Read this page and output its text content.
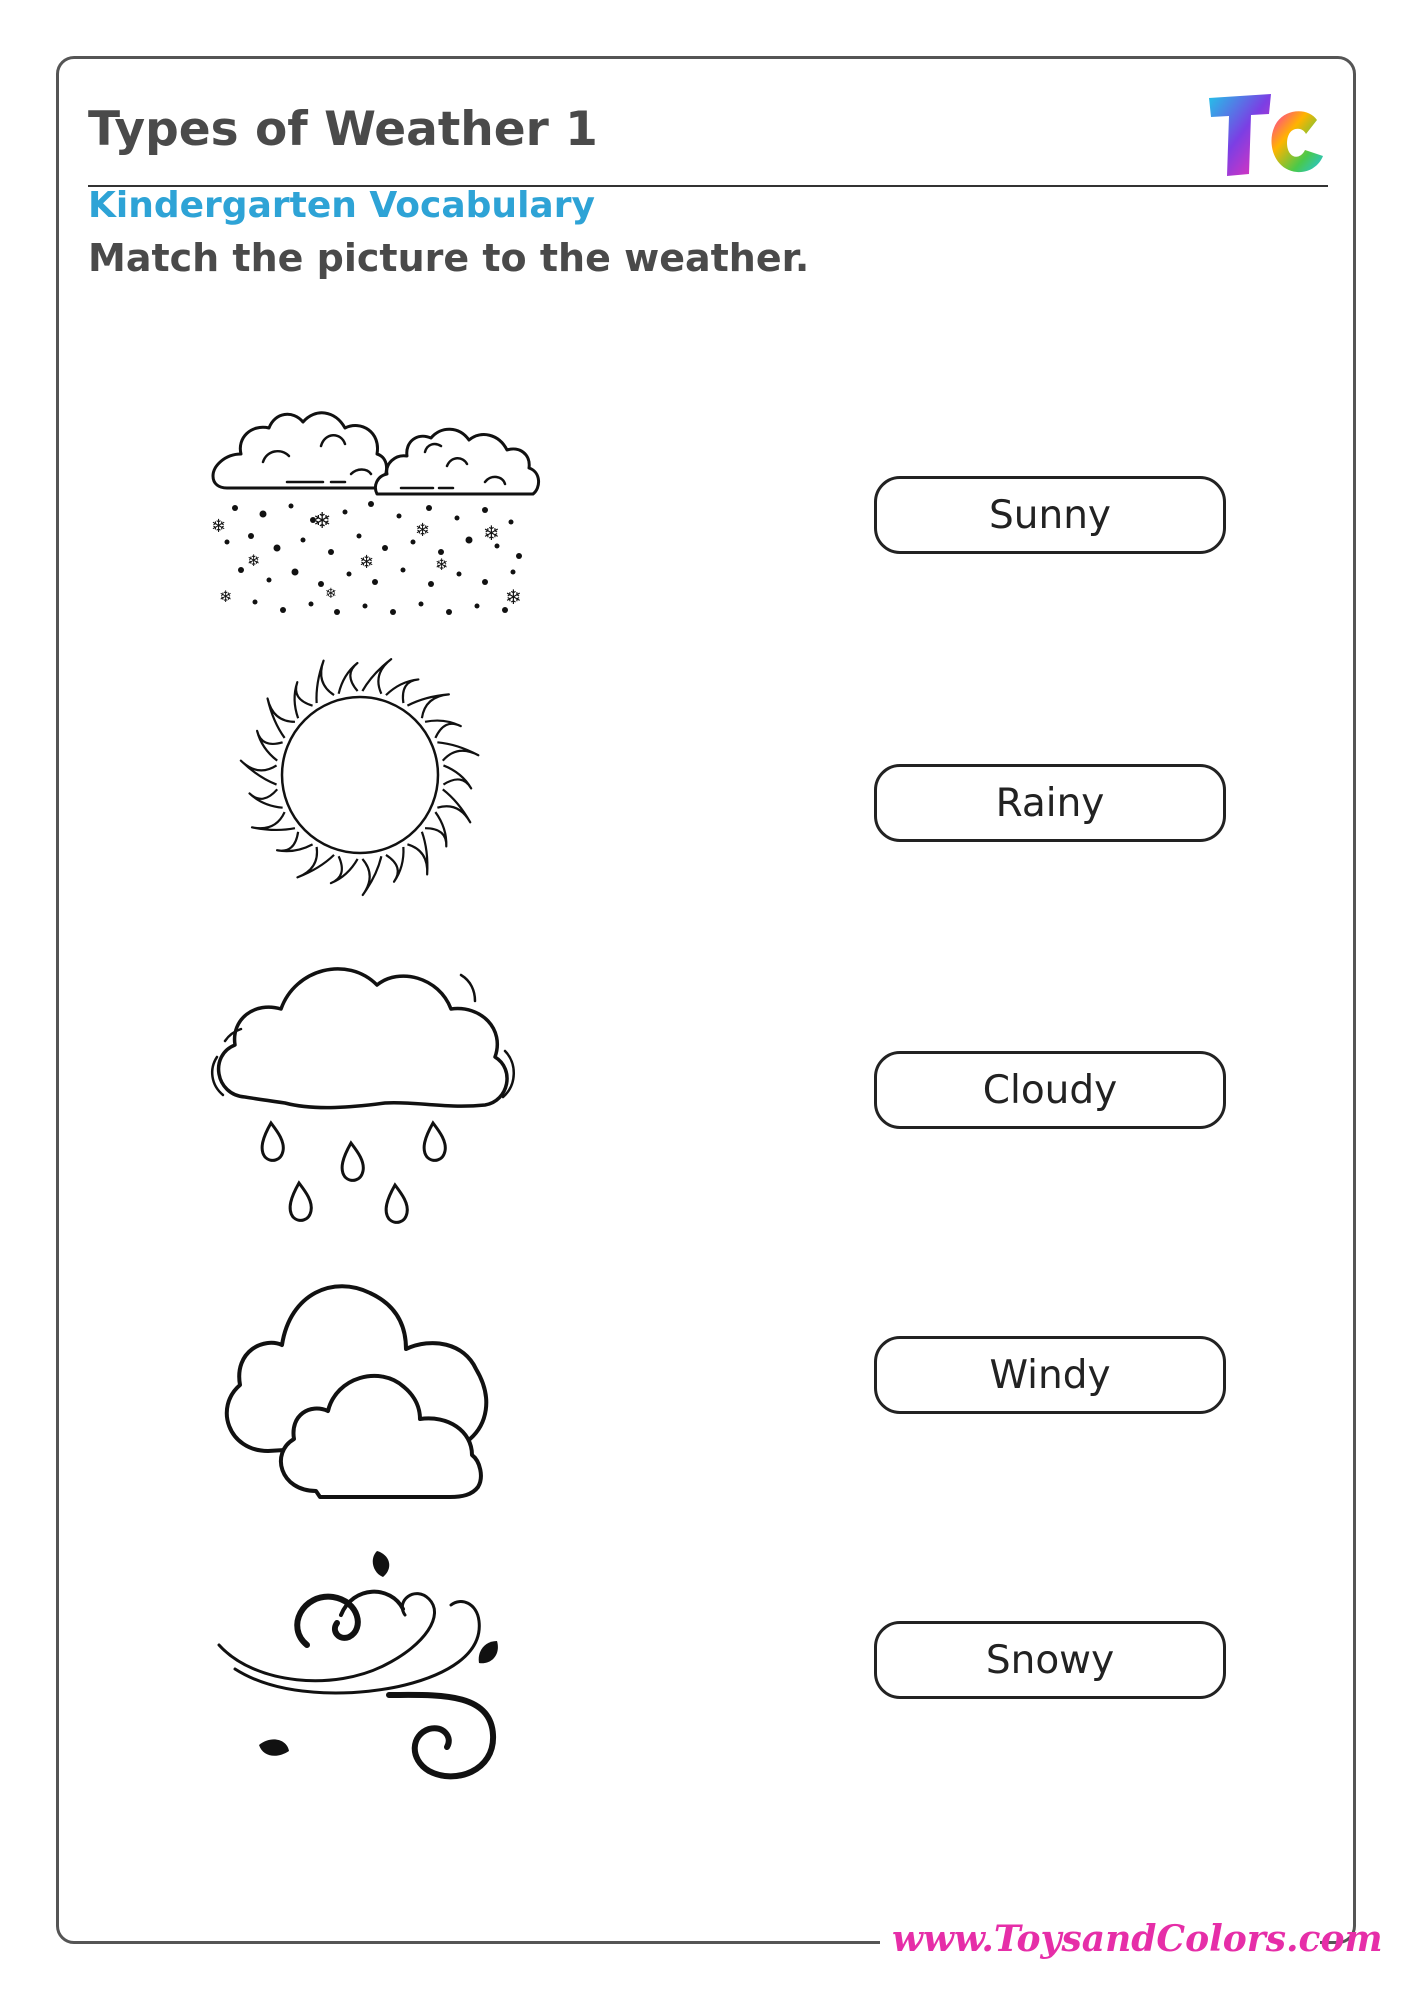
Types of Weather 1
Kindergarten Vocabulary
Match the picture to the weather.
❄	❄	❄	❄
❄	❄	❄
❄	❄
❄
Sunny
Rainy
Cloudy
Windy
Snowy
www.ToysandColors.com
